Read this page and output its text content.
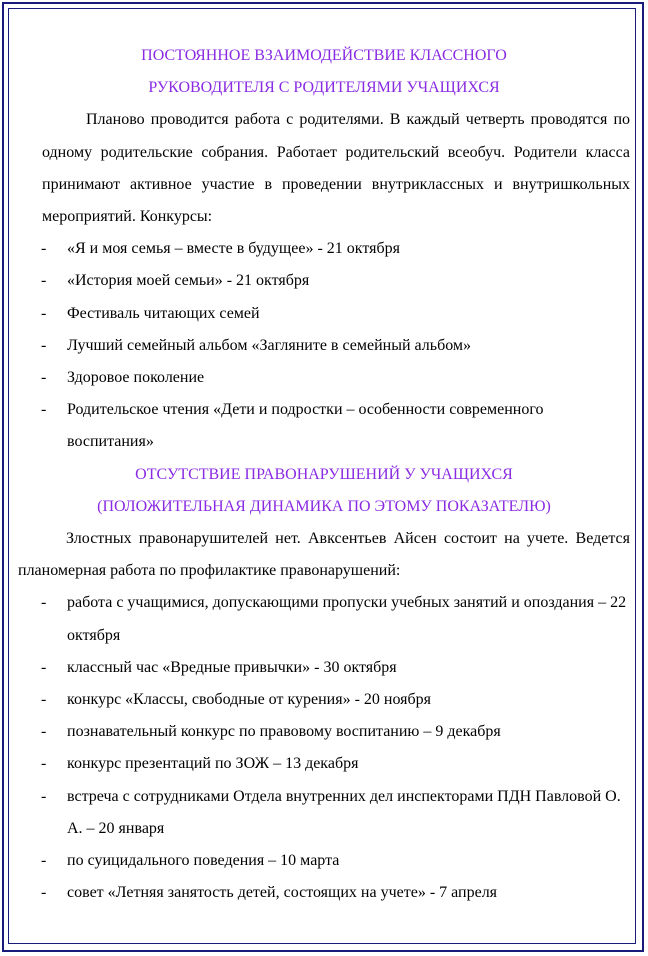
ПОСТОЯННОЕ ВЗАИМОДЕЙСТВИЕ КЛАССНОГО
РУКОВОДИТЕЛЯ С РОДИТЕЛЯМИ УЧАЩИХСЯ
Планово проводится работа с родителями. В каждый четверть проводятся по одному родительские собрания. Работает родительский всеобуч. Родители класса принимают активное участие в проведении внутриклассных и внутришкольных мероприятий. Конкурсы:
- «Я и моя семья – вместе в будущее» - 21 октября
- «История моей семьи» - 21 октября
- Фестиваль читающих семей
- Лучший семейный альбом «Загляните в семейный альбом»
- Здоровое поколение
- Родительское чтения «Дети и подростки – особенности современного воспитания»
ОТСУТСТВИЕ ПРАВОНАРУШЕНИЙ У УЧАЩИХСЯ
(ПОЛОЖИТЕЛЬНАЯ ДИНАМИКА ПО ЭТОМУ ПОКАЗАТЕЛЮ)
Злостных правонарушителей нет. Авксентьев Айсен состоит на учете. Ведется планомерная работа по профилактике правонарушений:
- работа с учащимися, допускающими пропуски учебных занятий и опоздания – 22 октября
- классный час «Вредные привычки» - 30 октября
- конкурс «Классы, свободные от курения» - 20 ноября
- познавательный конкурс по правовому воспитанию – 9 декабря
- конкурс презентаций по ЗОЖ – 13 декабря
- встреча с сотрудниками Отдела внутренних дел инспекторами ПДН Павловой О. А. – 20 января
- по суицидального поведения – 10 марта
- совет «Летняя занятость детей, состоящих на учете» - 7 апреля
